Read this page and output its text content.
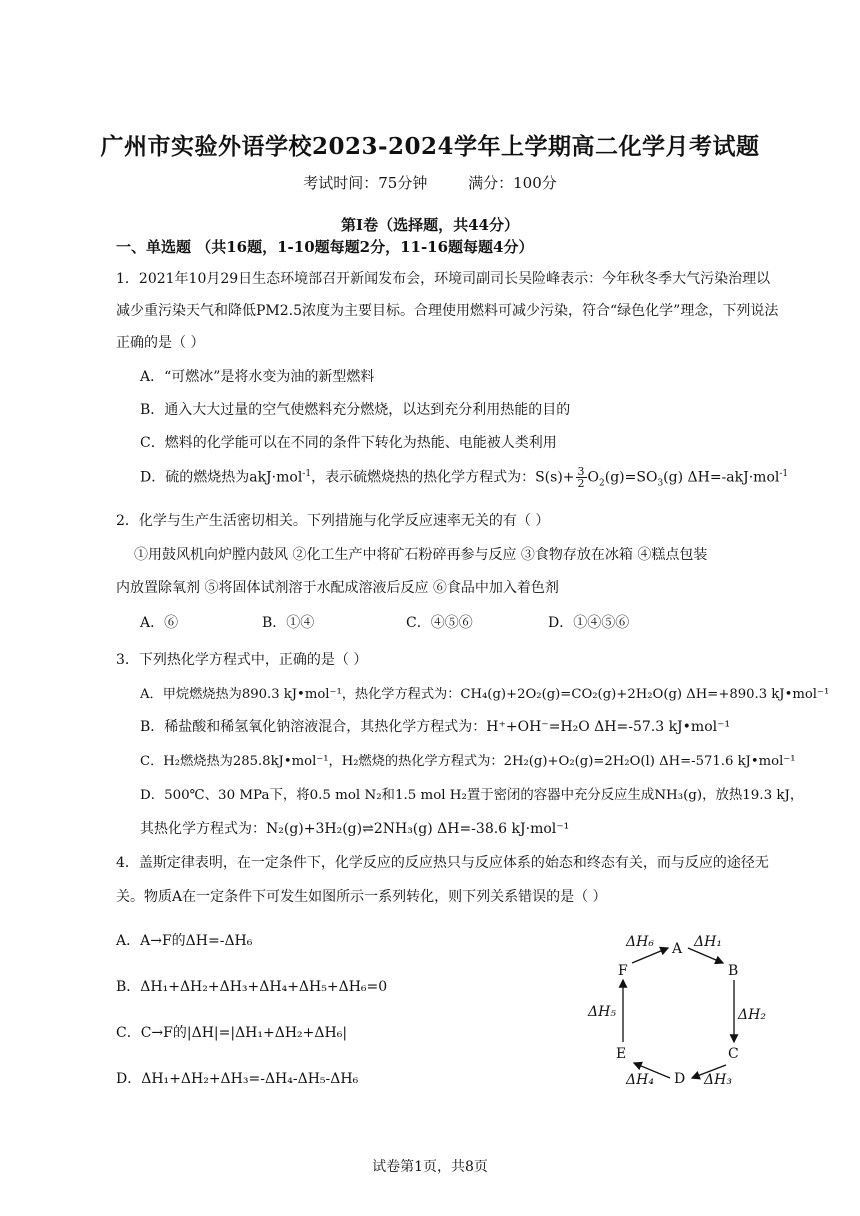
广州市实验外语学校2023-2024学年上学期高二化学月考试题
考试时间：75分钟	满分：100分
第Ⅰ卷（选择题，共44分）
一、单选题 （共16题，1-10题每题2分，11-16题每题4分）
1．2021年10月29日生态环境部召开新闻发布会，环境司副司长吴险峰表示：今年秋冬季大气污染治理以
减少重污染天气和降低PM2.5浓度为主要目标。合理使用燃料可减少污染，符合“绿色化学”理念，下列说法
正确的是（ ）
A．“可燃冰”是将水变为油的新型燃料
B．通入大大过量的空气使燃料充分燃烧，以达到充分利用热能的目的
C．燃料的化学能可以在不同的条件下转化为热能、电能被人类利用
D．硫的燃烧热为akJ·mol$^{-1}$，表示硫燃烧热的热化学方程式为：$S(s)+ \frac{3}{2} O_2(g)=SO_3(g)$ ΔH=-akJ·mol$^{-1}$
2．化学与生产生活密切相关。下列措施与化学反应速率无关的有（ ）
①用鼓风机向炉膛内鼓风 ②化工生产中将矿石粉碎再参与反应 ③食物存放在冰箱 ④糕点包装
内放置除氧剂 ⑤将固体试剂溶于水配成溶液后反应 ⑥食品中加入着色剂
A．⑥	B．①④	C．④⑤⑥	D．①④⑤⑥
3．下列热化学方程式中，正确的是（ ）
A．甲烷燃烧热为890.3 kJ•mol⁻¹，热化学方程式为：CH₄(g)+2O₂(g)=CO₂(g)+2H₂O(g) ΔH=+890.3 kJ•mol⁻¹
B．稀盐酸和稀氢氧化钠溶液混合，其热化学方程式为：H⁺+OH⁻=H₂O ΔH=-57.3 kJ•mol⁻¹
C．H₂燃烧热为285.8kJ•mol⁻¹，H₂燃烧的热化学方程式为：2H₂(g)+O₂(g)=2H₂O(l) ΔH=-571.6 kJ•mol⁻¹
D．500℃、30 MPa下，将0.5 mol N₂和1.5 mol H₂置于密闭的容器中充分反应生成NH₃(g)，放热19.3 kJ，
其热化学方程式为：N₂(g)+3H₂(g)⇌2NH₃(g) ΔH=-38.6 kJ·mol⁻¹
4．盖斯定律表明，在一定条件下，化学反应的反应热只与反应体系的始态和终态有关，而与反应的途径无
关。物质A在一定条件下可发生如图所示一系列转化，则下列关系错误的是（ ）
A．A→F的ΔH=-ΔH₆
B．ΔH₁+ΔH₂+ΔH₃+ΔH₄+ΔH₅+ΔH₆=0
C．C→F的|ΔH|=|ΔH₁+ΔH₂+ΔH₆|
D．ΔH₁+ΔH₂+ΔH₃=-ΔH₄-ΔH₅-ΔH₆
A
B
C
D
E
F
ΔH₁
ΔH₂
ΔH₃
ΔH₄
ΔH₅
ΔH₆
试卷第1页，共8页
